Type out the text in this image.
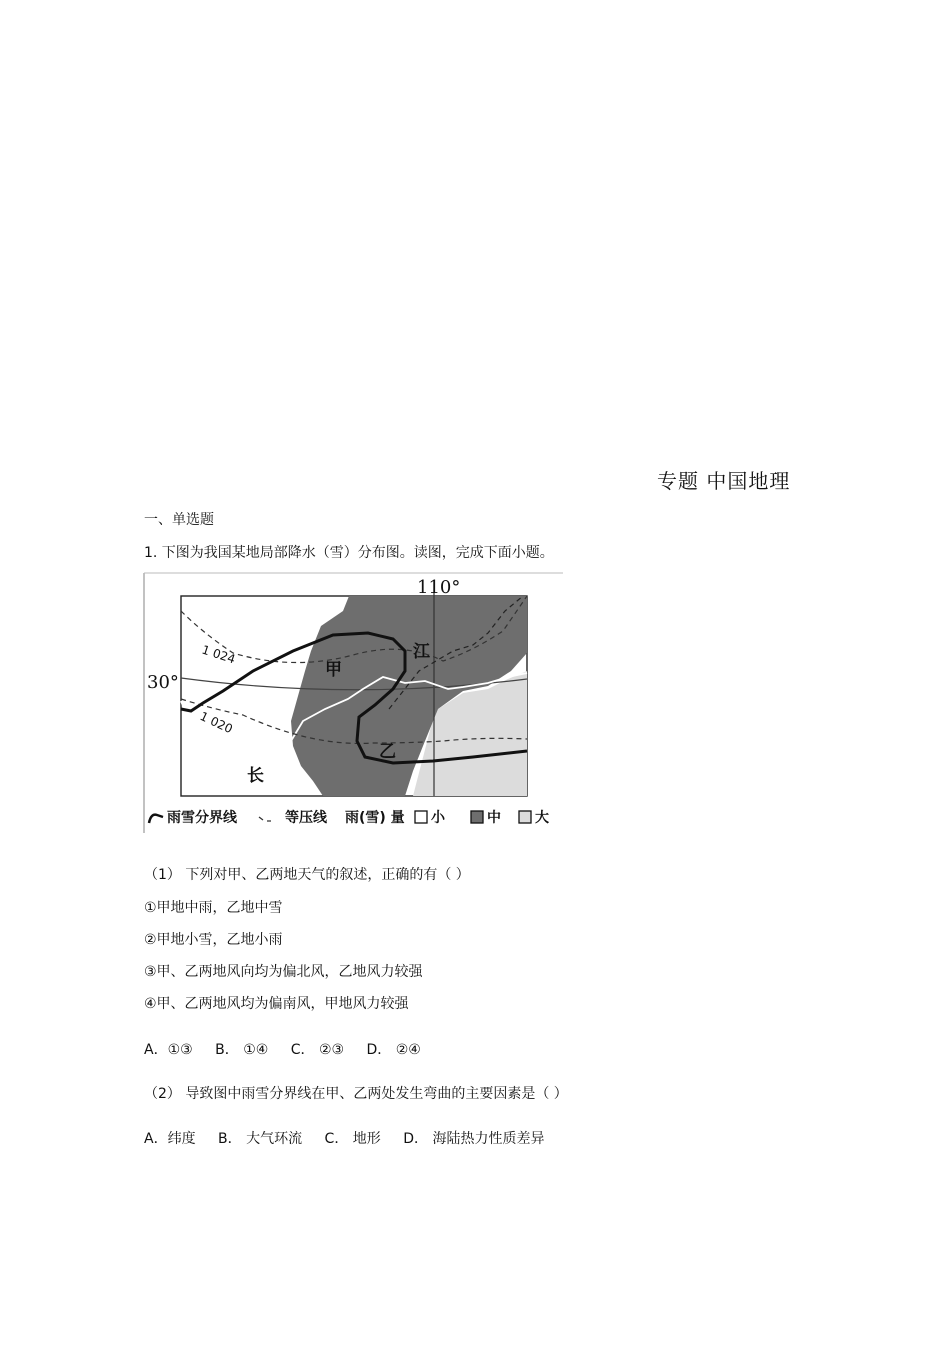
专题 中国地理
一、单选题
1. 下图为我国某地局部降水（雪）分布图。读图，完成下面小题。
110°
30°
1 024
1 020
甲
乙
江
长
雨雪分界线	等压线 雨(雪) 量 小	中 大
（1） 下列对甲、乙两地天气的叙述，正确的有（ ）
①甲地中雨，乙地中雪
②甲地小雪，乙地小雨
③甲、乙两地风向均为偏北风，乙地风力较强
④甲、乙两地风均为偏南风，甲地风力较强
A．①③ B． ①④ C． ②③ D． ②④
（2） 导致图中雨雪分界线在甲、乙两处发生弯曲的主要因素是（ ）
A．纬度 B． 大气环流 C． 地形 D． 海陆热力性质差异
